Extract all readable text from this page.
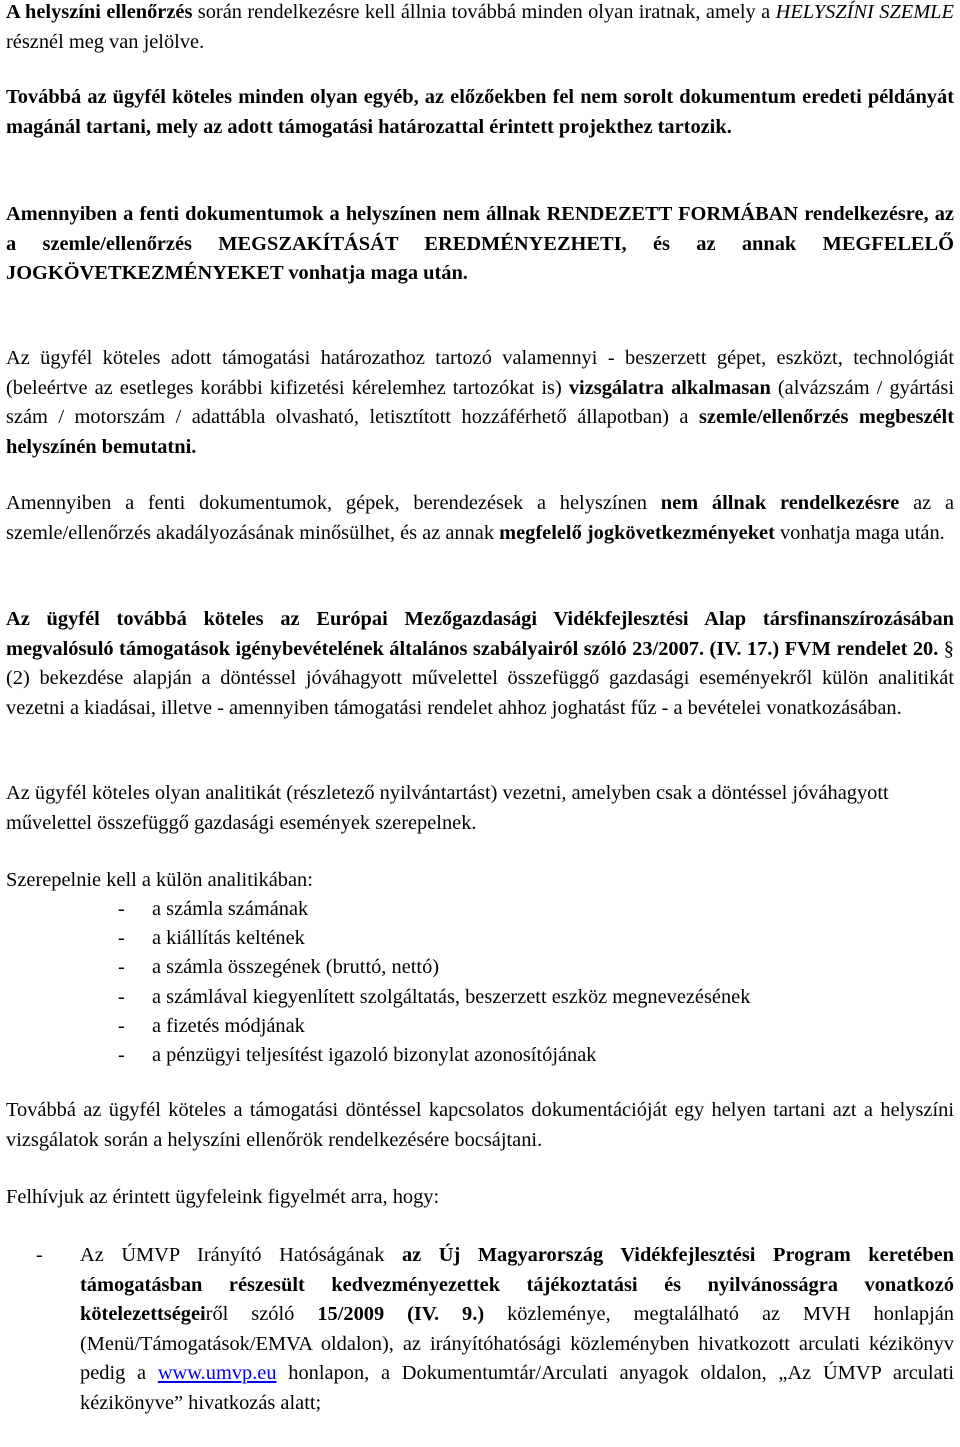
A helyszíni ellenőrzés során rendelkezésre kell állnia továbbá minden olyan iratnak, amely a HELYSZÍNI SZEMLE résznél meg van jelölve.

Továbbá az ügyfél köteles minden olyan egyéb, az előzőekben fel nem sorolt dokumentum eredeti példányát magánál tartani, mely az adott támogatási határozattal érintett projekthez tartozik.

Amennyiben a fenti dokumentumok a helyszínen nem állnak RENDEZETT FORMÁBAN rendelkezésre, az a szemle/ellenőrzés MEGSZAKÍTÁSÁT EREDMÉNYEZHETI, és az annak MEGFELELŐ JOGKÖVETKEZMÉNYEKET vonhatja maga után.

Az ügyfél köteles adott támogatási határozathoz tartozó valamennyi - beszerzett gépet, eszközt, technológiát (beleértve az esetleges korábbi kifizetési kérelemhez tartozókat is) vizsgálatra alkalmasan (alvázszám / gyártási szám / motorszám / adattábla olvasható, letisztított hozzáférhető állapotban) a szemle/ellenőrzés megbeszélt helyszínén bemutatni.

Amennyiben a fenti dokumentumok, gépek, berendezések a helyszínen nem állnak rendelkezésre az a szemle/ellenőrzés akadályozásának minősülhet, és az annak megfelelő jogkövetkezményeket vonhatja maga után.

Az ügyfél továbbá köteles az Európai Mezőgazdasági Vidékfejlesztési Alap társfinanszírozásában megvalósuló támogatások igénybevételének általános szabályairól szóló 23/2007. (IV. 17.) FVM rendelet 20. § (2) bekezdése alapján a döntéssel jóváhagyott művelettel összefüggő gazdasági eseményekről külön analitikát vezetni a kiadásai, illetve - amennyiben támogatási rendelet ahhoz joghatást fűz - a bevételei vonatkozásában.

Az ügyfél köteles olyan analitikát (részletező nyilvántartást) vezetni, amelyben csak a döntéssel jóváhagyott művelettel összefüggő gazdasági események szerepelnek.

Szerepelnie kell a külön analitikában:

- a számla számának
- a kiállítás keltének
- a számla összegének (bruttó, nettó)
- a számlával kiegyenlített szolgáltatás, beszerzett eszköz megnevezésének
- a fizetés módjának
- a pénzügyi teljesítést igazoló bizonylat azonosítójának

Továbbá az ügyfél köteles a támogatási döntéssel kapcsolatos dokumentációját egy helyen tartani azt a helyszíni vizsgálatok során a helyszíni ellenőrök rendelkezésére bocsájtani.

Felhívjuk az érintett ügyfeleink figyelmét arra, hogy:

- Az ÚMVP Irányító Hatóságának az Új Magyarország Vidékfejlesztési Program keretében támogatásban részesült kedvezményezettek tájékoztatási és nyilvánosságra vonatkozó kötelezettségeiről szóló 15/2009 (IV. 9.) közleménye, megtalálható az MVH honlapján (Menü/Támogatások/EMVA oldalon), az irányítóhatósági közleményben hivatkozott arculati kézikönyv pedig a www.umvp.eu honlapon, a Dokumentumtár/Arculati anyagok oldalon, „Az ÚMVP arculati kézikönyve” hivatkozás alatt;
